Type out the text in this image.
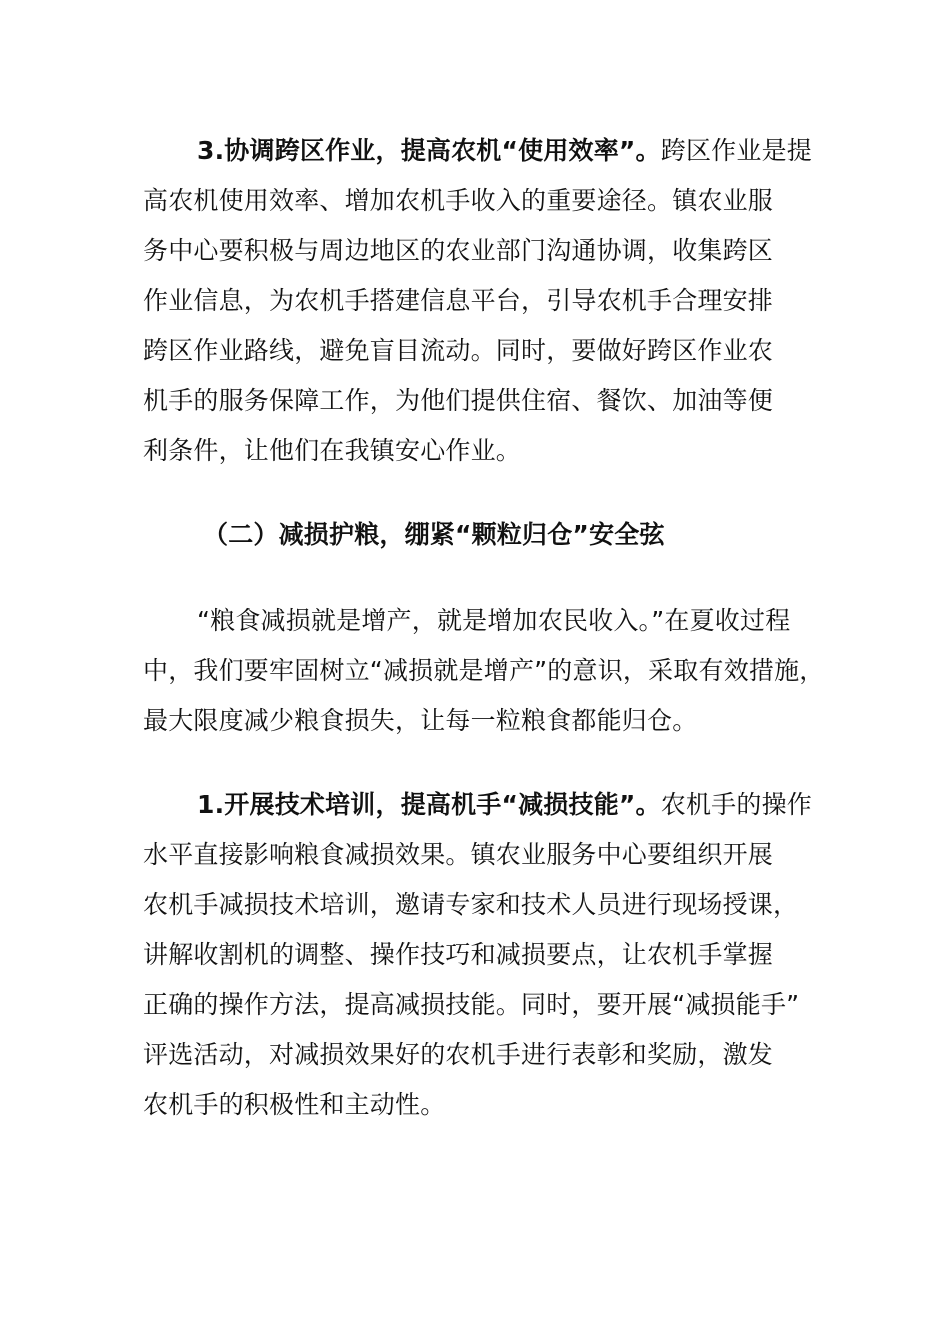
3.协调跨区作业，提高农机“使用效率”。跨区作业是提
高农机使用效率、增加农机手收入的重要途径。镇农业服
务中心要积极与周边地区的农业部门沟通协调，收集跨区
作业信息，为农机手搭建信息平台，引导农机手合理安排
跨区作业路线，避免盲目流动。同时，要做好跨区作业农
机手的服务保障工作，为他们提供住宿、餐饮、加油等便
利条件，让他们在我镇安心作业。
（二）减损护粮，绷紧“颗粒归仓”安全弦
“粮食减损就是增产，就是增加农民收入。”在夏收过程
中，我们要牢固树立“减损就是增产”的意识，采取有效措施，
最大限度减少粮食损失，让每一粒粮食都能归仓。
1.开展技术培训，提高机手“减损技能”。农机手的操作
水平直接影响粮食减损效果。镇农业服务中心要组织开展
农机手减损技术培训，邀请专家和技术人员进行现场授课，
讲解收割机的调整、操作技巧和减损要点，让农机手掌握
正确的操作方法，提高减损技能。同时，要开展“减损能手”
评选活动，对减损效果好的农机手进行表彰和奖励，激发
农机手的积极性和主动性。
